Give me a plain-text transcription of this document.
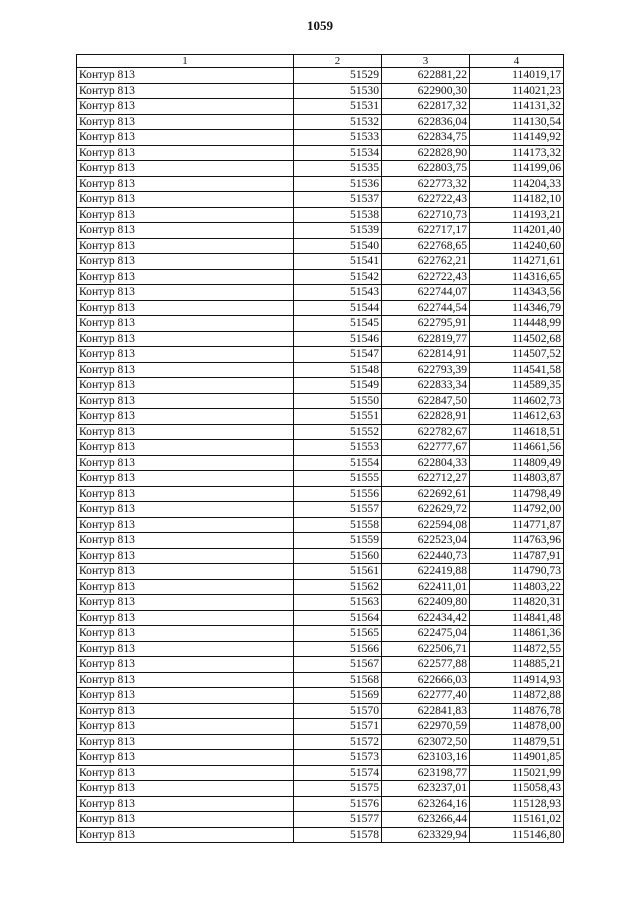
1059
1	2	3	4
Контур 813	51529	622881,22	114019,17
Контур 813	51530	622900,30	114021,23
Контур 813	51531	622817,32	114131,32
Контур 813	51532	622836,04	114130,54
Контур 813	51533	622834,75	114149,92
Контур 813	51534	622828,90	114173,32
Контур 813	51535	622803,75	114199,06
Контур 813	51536	622773,32	114204,33
Контур 813	51537	622722,43	114182,10
Контур 813	51538	622710,73	114193,21
Контур 813	51539	622717,17	114201,40
Контур 813	51540	622768,65	114240,60
Контур 813	51541	622762,21	114271,61
Контур 813	51542	622722,43	114316,65
Контур 813	51543	622744,07	114343,56
Контур 813	51544	622744,54	114346,79
Контур 813	51545	622795,91	114448,99
Контур 813	51546	622819,77	114502,68
Контур 813	51547	622814,91	114507,52
Контур 813	51548	622793,39	114541,58
Контур 813	51549	622833,34	114589,35
Контур 813	51550	622847,50	114602,73
Контур 813	51551	622828,91	114612,63
Контур 813	51552	622782,67	114618,51
Контур 813	51553	622777,67	114661,56
Контур 813	51554	622804,33	114809,49
Контур 813	51555	622712,27	114803,87
Контур 813	51556	622692,61	114798,49
Контур 813	51557	622629,72	114792,00
Контур 813	51558	622594,08	114771,87
Контур 813	51559	622523,04	114763,96
Контур 813	51560	622440,73	114787,91
Контур 813	51561	622419,88	114790,73
Контур 813	51562	622411,01	114803,22
Контур 813	51563	622409,80	114820,31
Контур 813	51564	622434,42	114841,48
Контур 813	51565	622475,04	114861,36
Контур 813	51566	622506,71	114872,55
Контур 813	51567	622577,88	114885,21
Контур 813	51568	622666,03	114914,93
Контур 813	51569	622777,40	114872,88
Контур 813	51570	622841,83	114876,78
Контур 813	51571	622970,59	114878,00
Контур 813	51572	623072,50	114879,51
Контур 813	51573	623103,16	114901,85
Контур 813	51574	623198,77	115021,99
Контур 813	51575	623237,01	115058,43
Контур 813	51576	623264,16	115128,93
Контур 813	51577	623266,44	115161,02
Контур 813	51578	623329,94	115146,80
